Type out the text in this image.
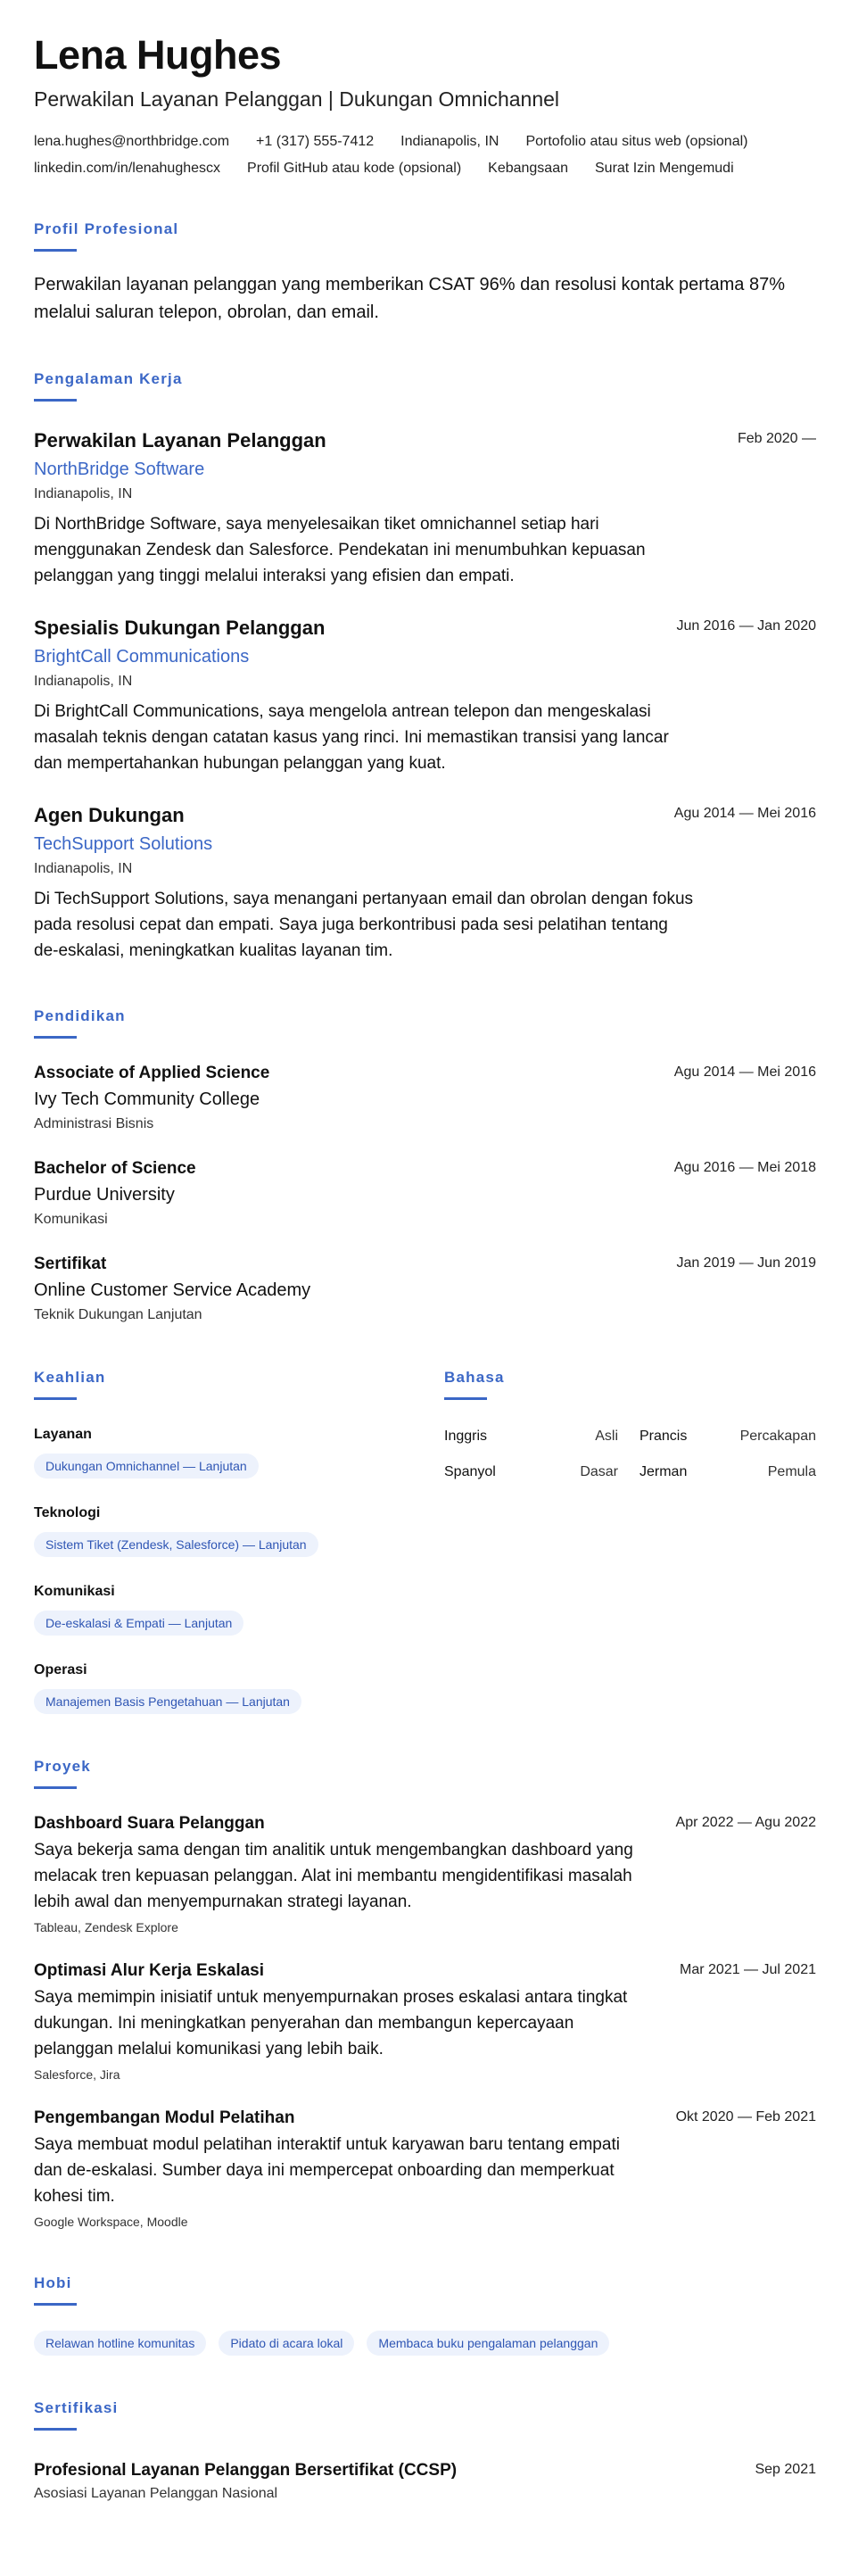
Lena Hughes
Perwakilan Layanan Pelanggan | Dukungan Omnichannel
lena.hughes@northbridge.com +1 (317) 555-7412 Indianapolis, IN Portofolio atau situs web (opsional)
linkedin.com/in/lenahughescx Profil GitHub atau kode (opsional) Kebangsaan Surat Izin Mengemudi
Profil Profesional
Perwakilan layanan pelanggan yang memberikan CSAT 96% dan resolusi kontak pertama 87% melalui saluran telepon, obrolan, dan email.
Pengalaman Kerja
Perwakilan Layanan Pelanggan	Feb 2020 —
NorthBridge Software
Indianapolis, IN
Di NorthBridge Software, saya menyelesaikan tiket omnichannel setiap hari menggunakan Zendesk dan Salesforce. Pendekatan ini menumbuhkan kepuasan pelanggan yang tinggi melalui interaksi yang efisien dan empati.
Spesialis Dukungan Pelanggan	Jun 2016 — Jan 2020
BrightCall Communications
Indianapolis, IN
Di BrightCall Communications, saya mengelola antrean telepon dan mengeskalasi masalah teknis dengan catatan kasus yang rinci. Ini memastikan transisi yang lancar dan mempertahankan hubungan pelanggan yang kuat.
Agen Dukungan	Agu 2014 — Mei 2016
TechSupport Solutions
Indianapolis, IN
Di TechSupport Solutions, saya menangani pertanyaan email dan obrolan dengan fokus pada resolusi cepat dan empati. Saya juga berkontribusi pada sesi pelatihan tentang de-eskalasi, meningkatkan kualitas layanan tim.
Pendidikan
Associate of Applied Science	Agu 2014 — Mei 2016
Ivy Tech Community College
Administrasi Bisnis
Bachelor of Science	Agu 2016 — Mei 2018
Purdue University
Komunikasi
Sertifikat	Jan 2019 — Jun 2019
Online Customer Service Academy
Teknik Dukungan Lanjutan
Keahlian
Layanan
Dukungan Omnichannel — Lanjutan
Teknologi
Sistem Tiket (Zendesk, Salesforce) — Lanjutan
Komunikasi
De-eskalasi & Empati — Lanjutan
Operasi
Manajemen Basis Pengetahuan — Lanjutan
Bahasa
Inggris	Asli Prancis	Percakapan
Spanyol	Dasar Jerman	Pemula
Proyek
Dashboard Suara Pelanggan	Apr 2022 — Agu 2022
Saya bekerja sama dengan tim analitik untuk mengembangkan dashboard yang melacak tren kepuasan pelanggan. Alat ini membantu mengidentifikasi masalah lebih awal dan menyempurnakan strategi layanan.
Tableau, Zendesk Explore
Optimasi Alur Kerja Eskalasi	Mar 2021 — Jul 2021
Saya memimpin inisiatif untuk menyempurnakan proses eskalasi antara tingkat dukungan. Ini meningkatkan penyerahan dan membangun kepercayaan pelanggan melalui komunikasi yang lebih baik.
Salesforce, Jira
Pengembangan Modul Pelatihan	Okt 2020 — Feb 2021
Saya membuat modul pelatihan interaktif untuk karyawan baru tentang empati dan de-eskalasi. Sumber daya ini mempercepat onboarding dan memperkuat kohesi tim.
Google Workspace, Moodle
Hobi
Relawan hotline komunitas	Pidato di acara lokal	Membaca buku pengalaman pelanggan
Sertifikasi
Profesional Layanan Pelanggan Bersertifikat (CCSP)	Sep 2021
Asosiasi Layanan Pelanggan Nasional
